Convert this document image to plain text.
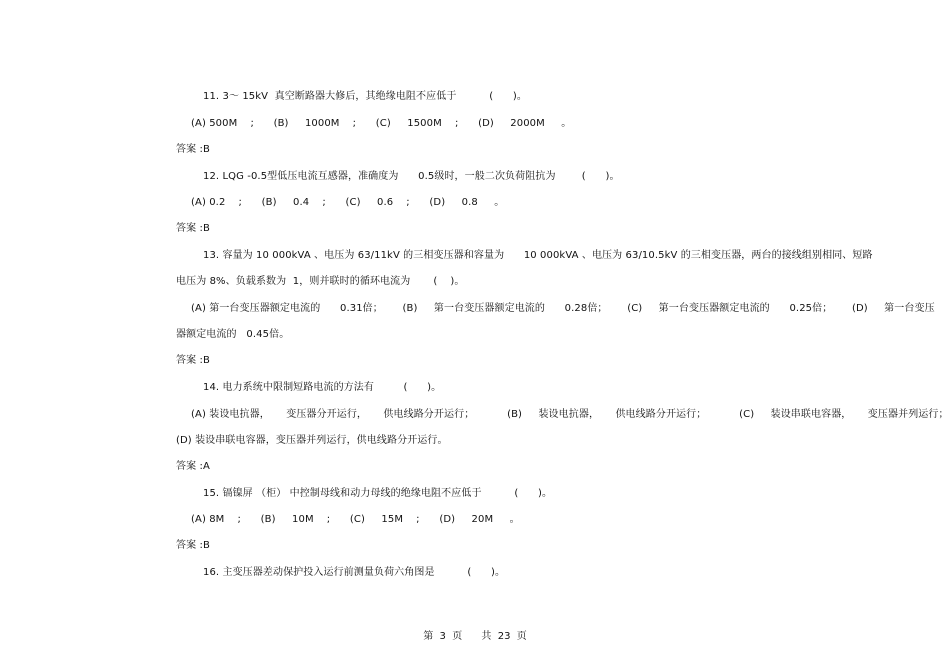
11. 3～ 15kV  真空断路器大修后，其绝缘电阻不应低于          (      )。
(A) 500M    ;      (B)     1000M    ;      (C)     1500M    ;      (D)     2000M     。
答案 :B
12. LQG -0.5型低压电流互感器，准确度为      0.5级时，一般二次负荷阻抗为        (      )。
(A) 0.2    ;      (B)     0.4    ;      (C)     0.6    ;      (D)     0.8     。
答案 :B
13. 容量为 10 000kVA 、电压为 63/11kV 的三相变压器和容量为      10 000kVA 、电压为 63/10.5kV 的三相变压器，两台的接线组别相同、短路
电压为 8%、负载系数为  1，则并联时的循环电流为       (    )。
(A) 第一台变压器额定电流的      0.31倍；      (B)     第一台变压器额定电流的      0.28倍；      (C)     第一台变压器额定电流的      0.25倍；      (D)     第一台变压
器额定电流的   0.45倍。
答案 :B
14. 电力系统中限制短路电流的方法有         (      )。
(A) 装设电抗器，     变压器分开运行，     供电线路分开运行；          (B)     装设电抗器，     供电线路分开运行；          (C)     装设串联电容器，     变压器并列运行；
(D) 装设串联电容器，变压器并列运行，供电线路分开运行。
答案 :A
15. 镉镍屏 （柜） 中控制母线和动力母线的绝缘电阻不应低于          (      )。
(A) 8M    ;      (B)     10M    ;      (C)     15M    ;      (D)     20M     。
答案 :B
16. 主变压器差动保护投入运行前测量负荷六角图是          (      )。
第  3  页      共  23  页
